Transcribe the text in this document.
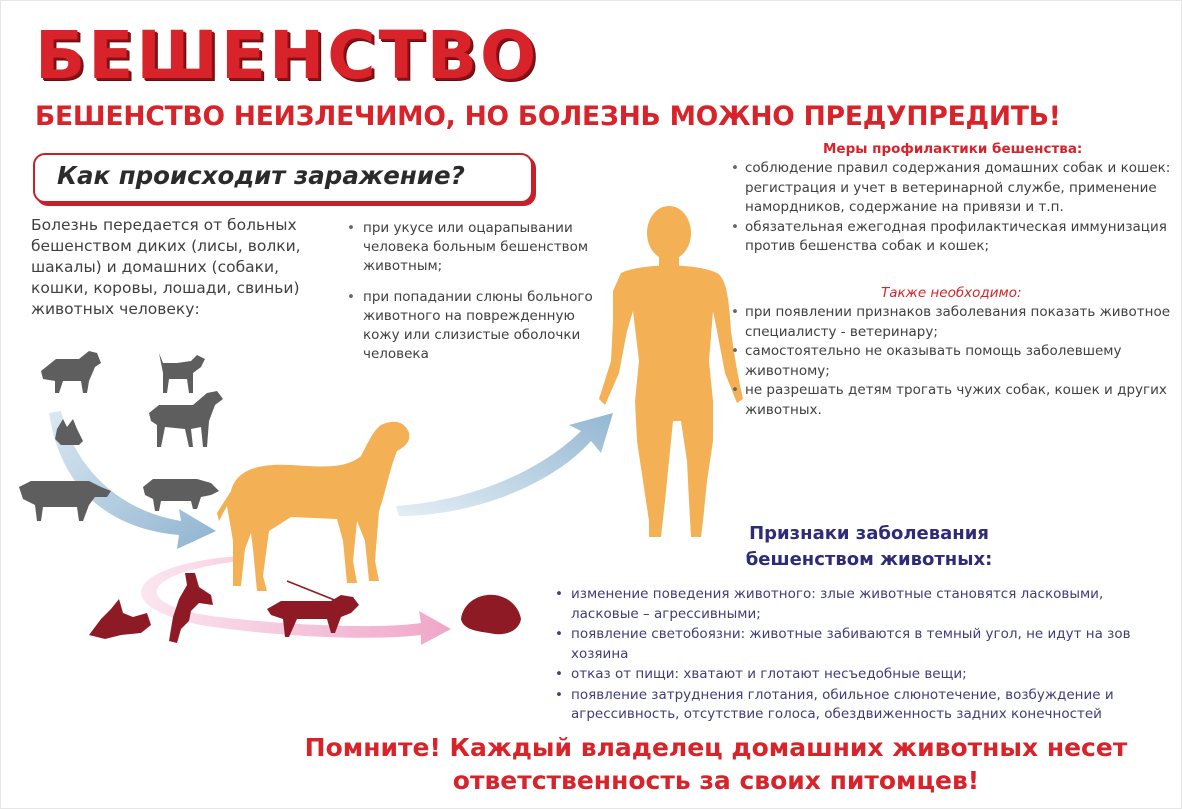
БЕШЕНСТВО
БЕШЕНСТВО НЕИЗЛЕЧИМО, НО БОЛЕЗНЬ МОЖНО ПРЕДУПРЕДИТЬ!
Как происходит заражение?
Болезнь передается от больных бешенством диких (лисы, волки, шакалы) и домашних (собаки, кошки, коровы, лошади, свиньи) животных человеку:
• при укусе или оцарапывании человека больным бешенством животным;
• при попадании слюны больного животного на поврежденную кожу или слизистые оболочки человека
Меры профилактики бешенства:
• соблюдение правил содержания домашних собак и кошек: регистрация и учет в ветеринарной службе, применение намордников, содержание на привязи и т.п.
• обязательная ежегодная профилактическая иммунизация против бешенства собак и кошек;
Также необходимо:
• при появлении признаков заболевания показать животное специалисту - ветеринару;
• самостоятельно не оказывать помощь заболевшему животному;
• не разрешать детям трогать чужих собак, кошек и других животных.
Признаки заболевания бешенством животных:
• изменение поведения животного: злые животные становятся ласковыми, ласковые – агрессивными;
• появление светобоязни: животные забиваются в темный угол, не идут на зов хозяина
• отказ от пищи: хватают и глотают несъедобные вещи;
• появление затруднения глотания, обильное слюнотечение, возбуждение и агрессивность, отсутствие голоса, обездвиженность задних конечностей
Помните! Каждый владелец домашних животных несет ответственность за своих питомцев!
